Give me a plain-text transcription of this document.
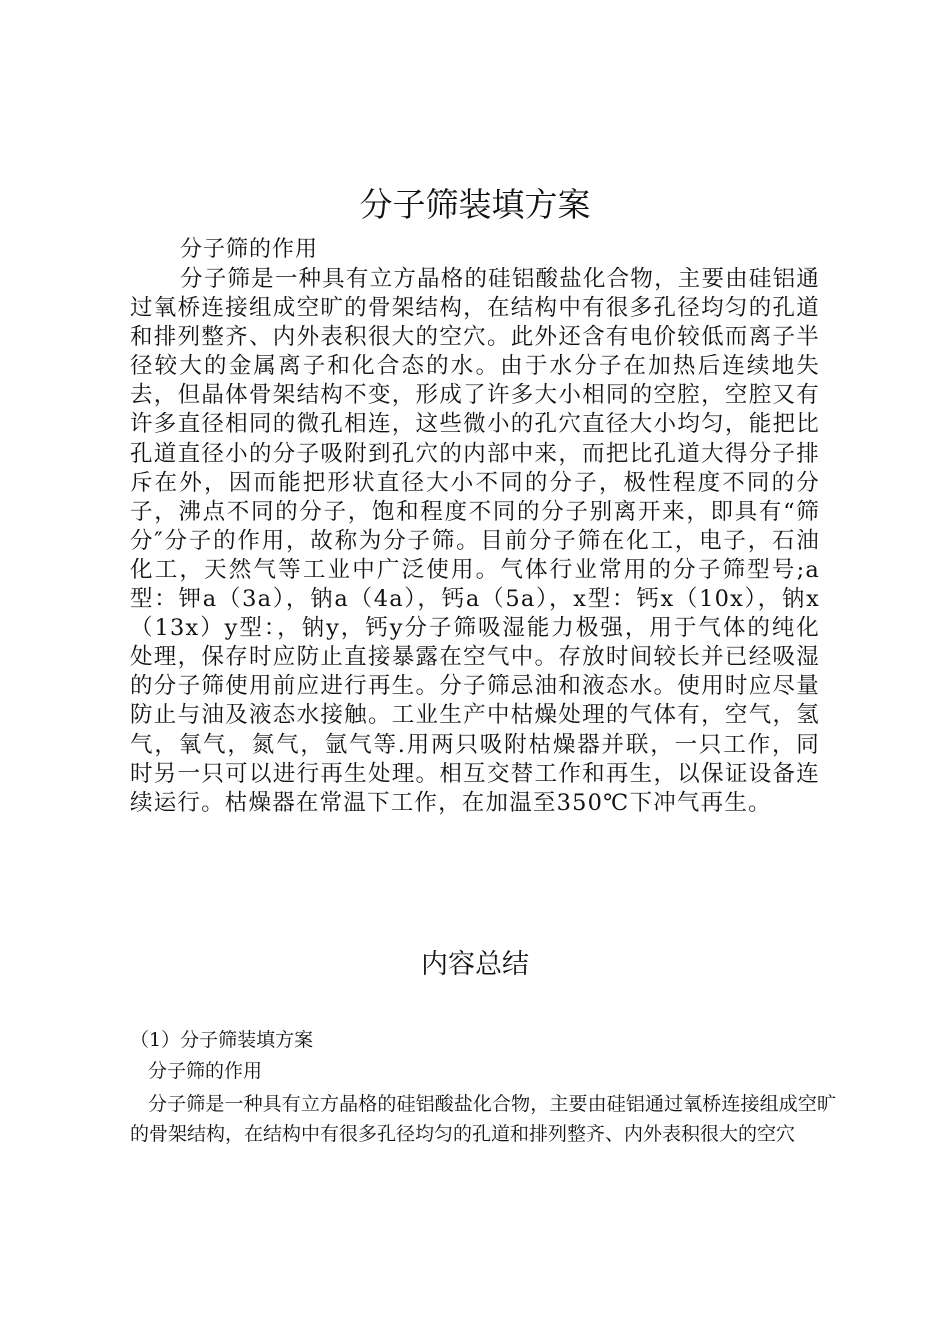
分子筛装填方案
分子筛的作用
分子筛是一种具有立方晶格的硅铝酸盐化合物，主要由硅铝通过氧桥连接组成空旷的骨架结构，在结构中有很多孔径均匀的孔道和排列整齐、内外表积很大的空穴。此外还含有电价较低而离子半径较大的金属离子和化合态的水。由于水分子在加热后连续地失去，但晶体骨架结构不变，形成了许多大小相同的空腔，空腔又有许多直径相同的微孔相连，这些微小的孔穴直径大小均匀，能把比孔道直径小的分子吸附到孔穴的内部中来，而把比孔道大得分子排斥在外，因而能把形状直径大小不同的分子，极性程度不同的分子，沸点不同的分子，饱和程度不同的分子别离开来，即具有“筛分″分子的作用，故称为分子筛。目前分子筛在化工，电子，石油化工，天然气等工业中广泛使用。气体行业常用的分子筛型号;a型：钾a（3a），钠a（4a），钙a（5a），x型：钙x（10x），钠x（13x）y型：，钠y，钙y分子筛吸湿能力极强，用于气体的纯化处理，保存时应防止直接暴露在空气中。存放时间较长并已经吸湿的分子筛使用前应进行再生。分子筛忌油和液态水。使用时应尽量防止与油及液态水接触。工业生产中枯燥处理的气体有，空气，氢气，氧气，氮气，氩气等.用两只吸附枯燥器并联，一只工作，同时另一只可以进行再生处理。相互交替工作和再生，以保证设备连续运行。枯燥器在常温下工作，在加温至350℃下冲气再生。
内容总结
（1）分子筛装填方案
分子筛的作用
分子筛是一种具有立方晶格的硅铝酸盐化合物，主要由硅铝通过氧桥连接组成空旷的骨架结构，在结构中有很多孔径均匀的孔道和排列整齐、内外表积很大的空穴
